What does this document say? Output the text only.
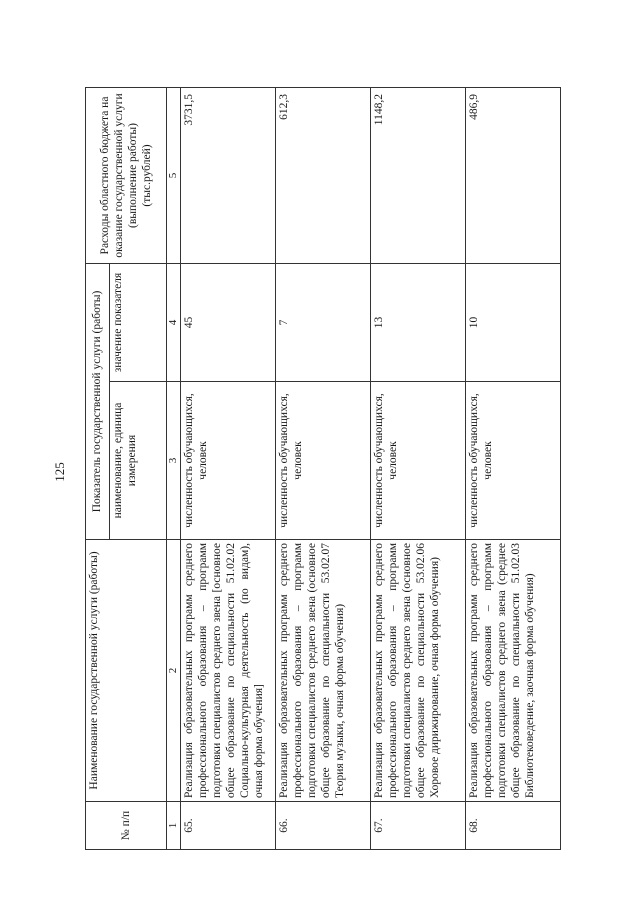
125
№ п/п	Наименование государственной услуги (работы)	Показатель государственной услуги (работы)		Расходы областного бюджета на оказание государственной услуги (выполнение работы) (тыс.рублей)
		наименование, единица измерения	значение показателя	
1	2	3	4	5
65.	Реализация образовательных программ среднего профессионального образования – программ подготовки специалистов среднего звена [основное общее образование по специальности 51.02.02 Социально-культурная деятельность (по видам), очная форма обучения]	численность обучающихся, человек	45	3731,5
66.	Реализация образовательных программ среднего профессионального образования – программ подготовки специалистов среднего звена (основное общее образование по специальности 53.02.07 Теория музыки, очная форма обучения)	численность обучающихся, человек	7	612,3
67.	Реализация образовательных программ среднего профессионального образования – программ подготовки специалистов среднего звена (основное общее образование по специальности 53.02.06 Хоровое дирижирование, очная форма обучения)	численность обучающихся, человек	13	1148,2
68.	Реализация образовательных программ среднего профессионального образования – программ подготовки специалистов среднего звена (среднее общее образование по специальности 51.02.03 Библиотековедение, заочная форма обучения)	численность обучающихся, человек	10	486,9
